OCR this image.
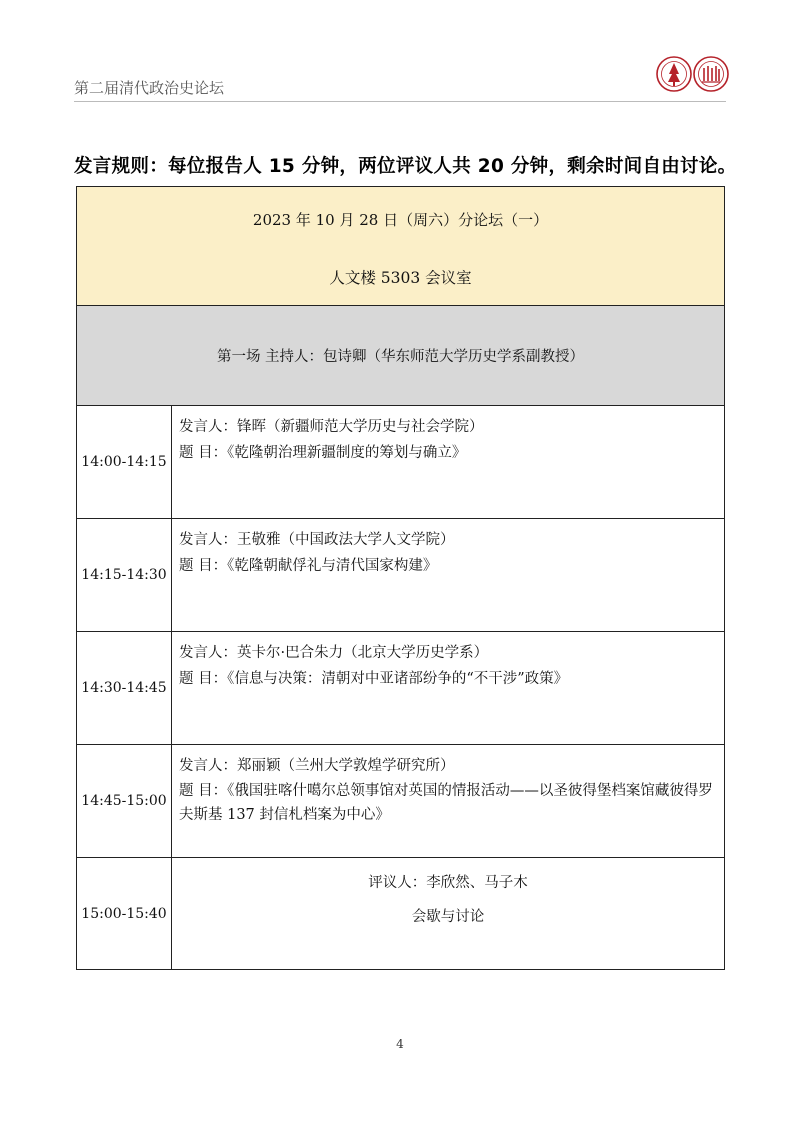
第二届清代政治史论坛
发言规则：每位报告人 15 分钟，两位评议人共 20 分钟，剩余时间自由讨论。
2023 年 10 月 28 日（周六）分论坛（一）
人文楼 5303 会议室	

第一场 主持人：包诗卿（华东师范大学历史学系副教授）	
14:00-14:15	发言人：锋晖（新疆师范大学历史与社会学院）
题 目：《乾隆朝治理新疆制度的筹划与确立》

14:15-14:30	发言人：王敬雅（中国政法大学人文学院）
题 目：《乾隆朝献俘礼与清代国家构建》

14:30-14:45	发言人：英卡尔·巴合朱力（北京大学历史学系）
题 目：《信息与决策：清朝对中亚诸部纷争的“不干涉”政策》

14:45-15:00	发言人：郑丽颖（兰州大学敦煌学研究所）
题 目：《俄国驻喀什噶尔总领事馆对英国的情报活动——以圣彼得堡档案馆藏彼得罗夫斯基 137 封信札档案为中心》

15:00-15:40	评议人：李欣然、马子木
会歇与讨论
4
